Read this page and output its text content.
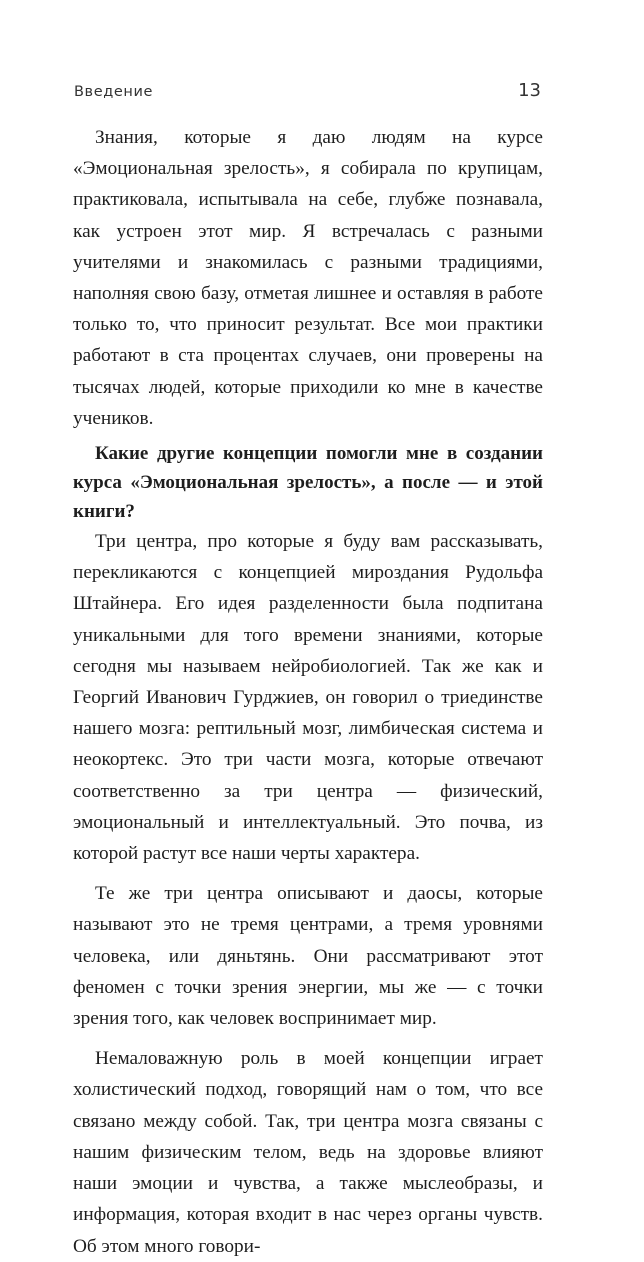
Введение	13

Знания, которые я даю людям на курсе «Эмоциональная зрелость», я собирала по крупицам, практиковала, испытывала на себе, глубже познавала, как устроен этот мир. Я встречалась с разными учителями и знакомилась с разными традициями, наполняя свою базу, отметая лишнее и оставляя в работе только то, что приносит результат. Все мои практики работают в ста процентах случаев, они проверены на тысячах людей, которые приходили ко мне в качестве учеников.

Какие другие концепции помогли мне в создании курса «Эмоциональная зрелость», а после — и этой книги?

Три центра, про которые я буду вам рассказывать, перекликаются с концепцией мироздания Рудольфа Штайнера. Его идея разделенности была подпитана уникальными для того времени знаниями, которые сегодня мы называем нейробиологией. Так же как и Георгий Иванович Гурджиев, он говорил о триединстве нашего мозга: рептильный мозг, лимбическая система и неокортекс. Это три части мозга, которые отвечают соответственно за три центра — физический, эмоциональный и интеллектуальный. Это почва, из которой растут все наши черты характера.

Те же три центра описывают и даосы, которые называют это не тремя центрами, а тремя уровнями человека, или дяньтянь. Они рассматривают этот феномен с точки зрения энергии, мы же — с точки зрения того, как человек воспринимает мир.

Немаловажную роль в моей концепции играет холистический подход, говорящий нам о том, что все связано между собой. Так, три центра мозга связаны с нашим физическим телом, ведь на здоровье влияют наши эмоции и чувства, а также мыслеобразы, и информация, которая входит в нас через органы чувств. Об этом много говори-
